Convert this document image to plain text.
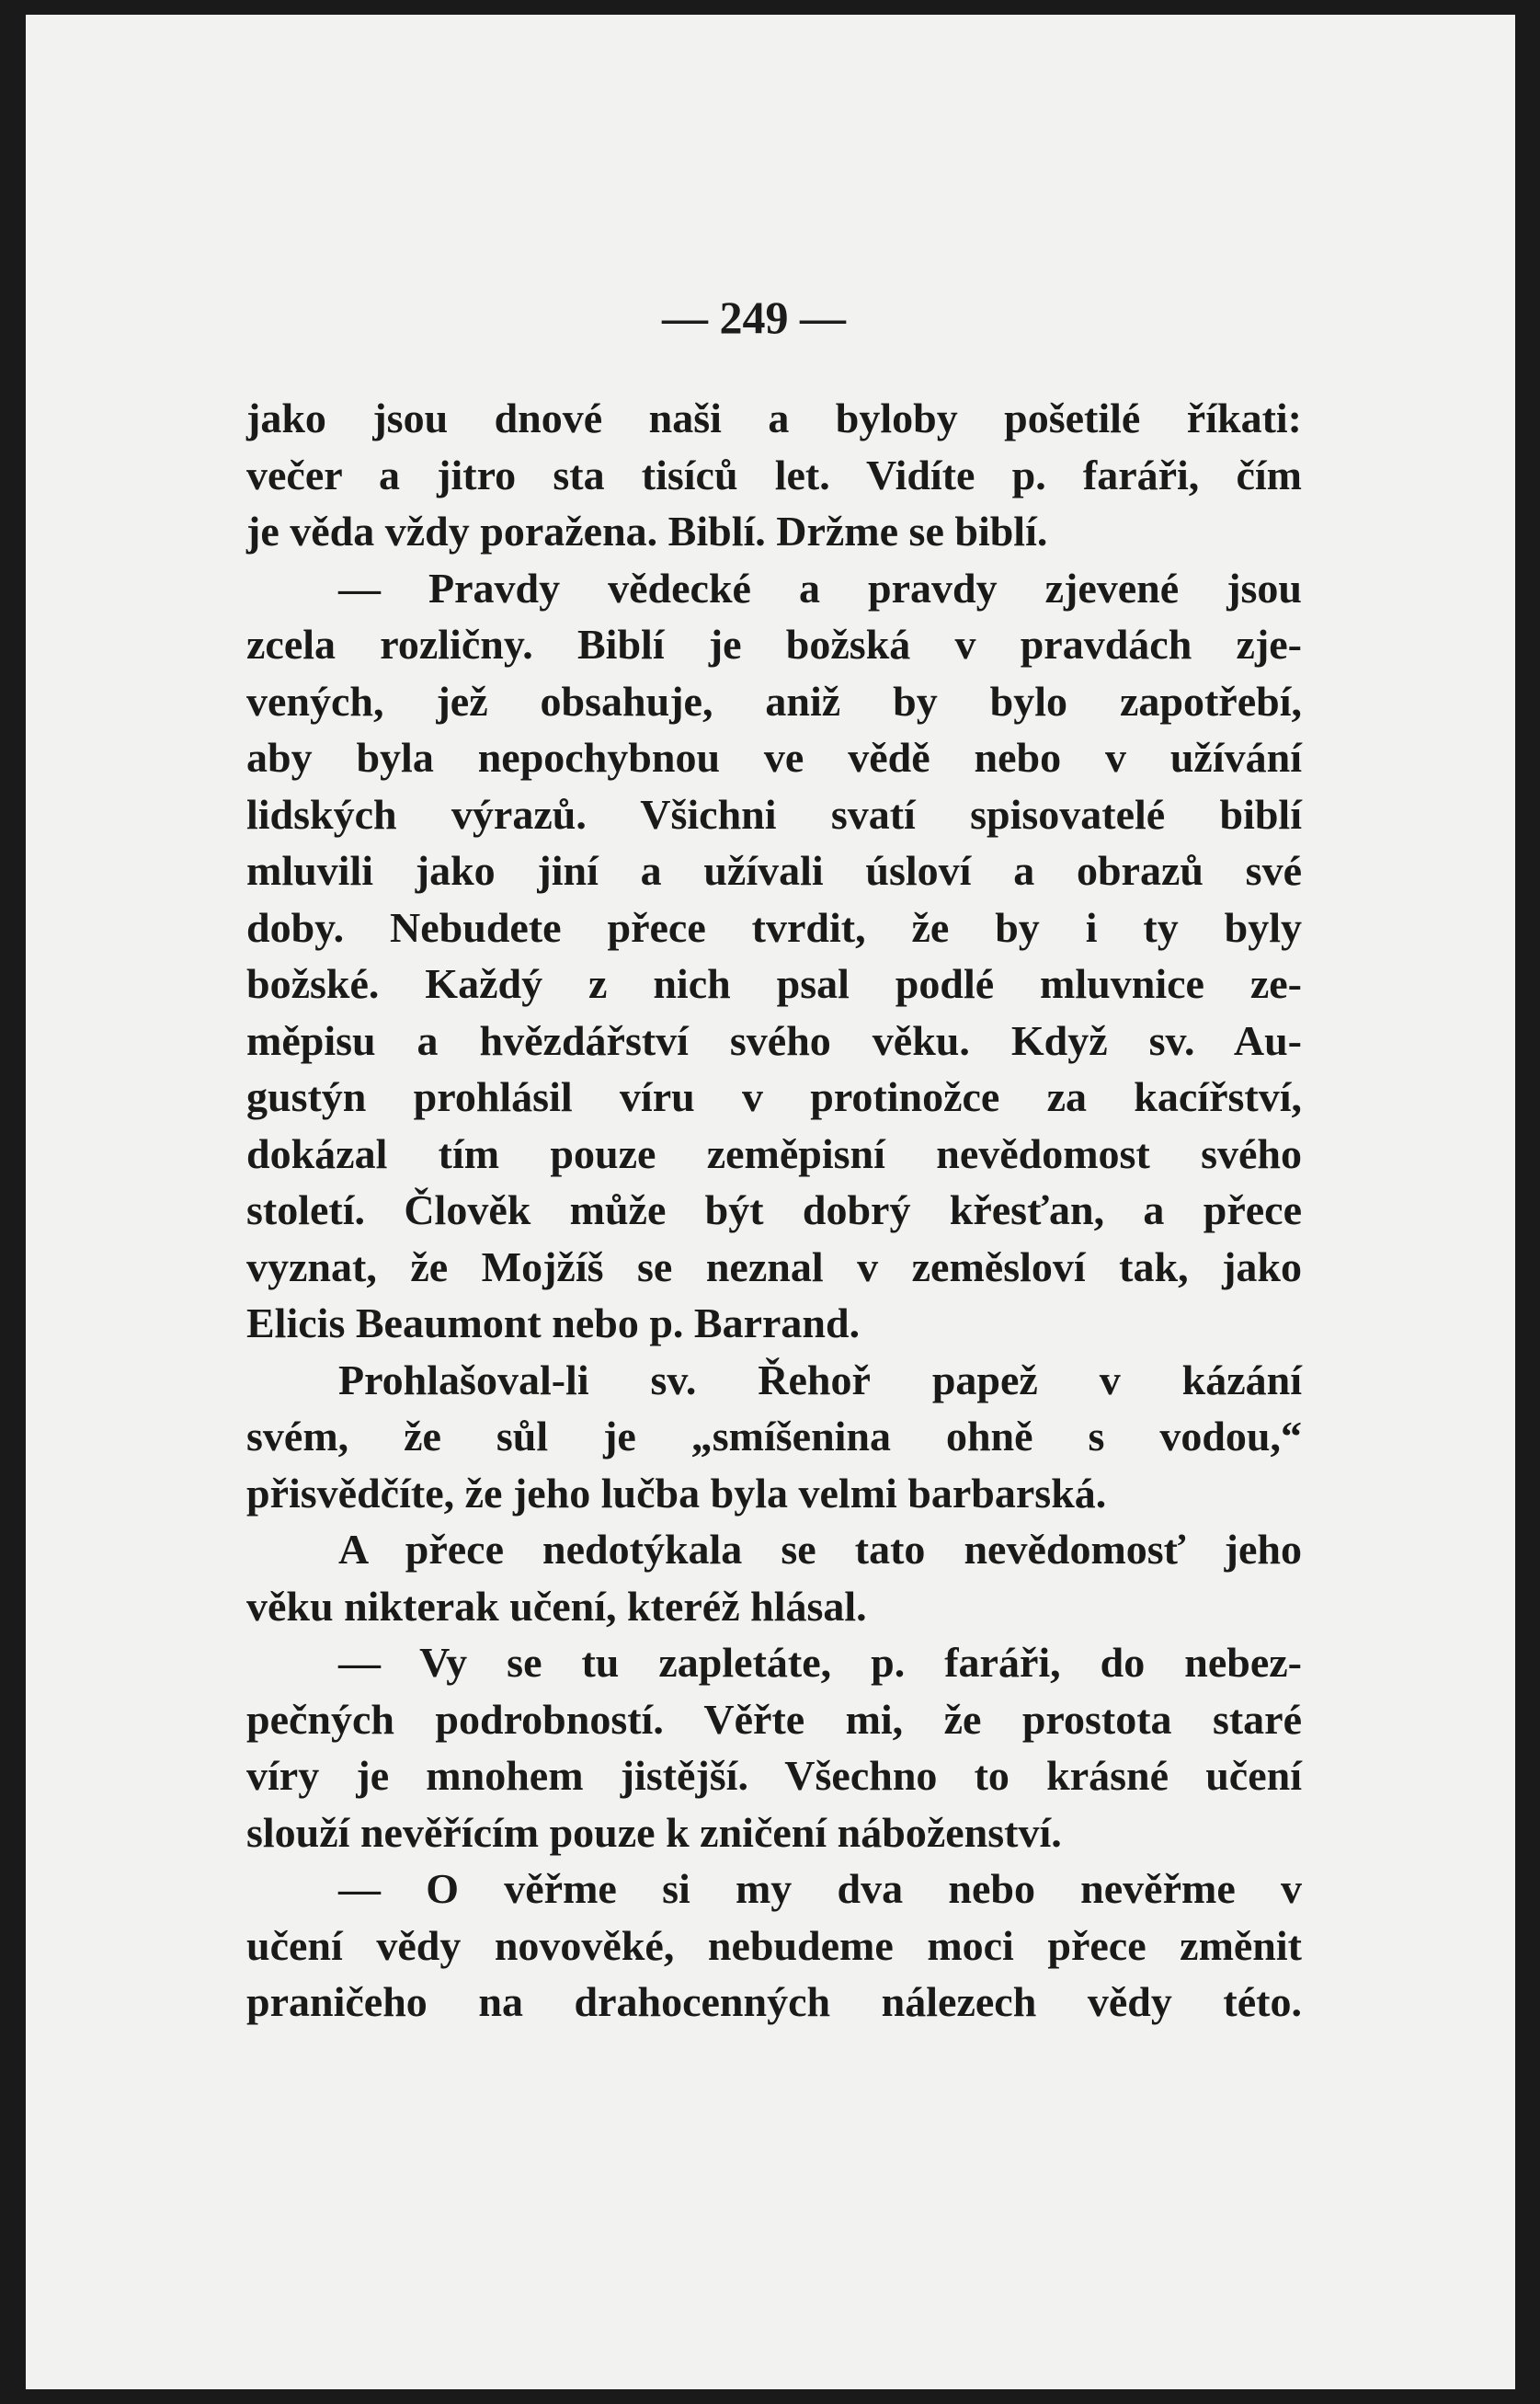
— 249 —
jako jsou dnové naši a byloby pošetilé říkati:
večer a jitro sta tisíců let. Vidíte p. faráři, čím
je věda vždy poražena. Biblí. Držme se biblí.
— Pravdy vědecké a pravdy zjevené jsou
zcela rozličny. Biblí je božská v pravdách zje-
vených, jež obsahuje, aniž by bylo zapotřebí,
aby byla nepochybnou ve vědě nebo v užívání
lidských výrazů. Všichni svatí spisovatelé biblí
mluvili jako jiní a užívali úsloví a obrazů své
doby. Nebudete přece tvrdit, že by i ty byly
božské. Každý z nich psal podlé mluvnice ze-
měpisu a hvězdářství svého věku. Když sv. Au-
gustýn prohlásil víru v protinožce za kacířství,
dokázal tím pouze zeměpisní nevědomost svého
století. Člověk může být dobrý křesťan, a přece
vyznat, že Mojžíš se neznal v zeměsloví tak, jako
Elicis Beaumont nebo p. Barrand.
Prohlašoval-li sv. Řehoř papež v kázání
svém, že sůl je „smíšenina ohně s vodou,“
přisvědčíte, že jeho lučba byla velmi barbarská.
A přece nedotýkala se tato nevědomosť jeho
věku nikterak učení, kteréž hlásal.
— Vy se tu zapletáte, p. faráři, do nebez-
pečných podrobností. Věřte mi, že prostota staré
víry je mnohem jistější. Všechno to krásné učení
slouží nevěřícím pouze k zničení náboženství.
— O věřme si my dva nebo nevěřme v
učení vědy novověké, nebudeme moci přece změnit
praničeho na drahocenných nálezech vědy této.
